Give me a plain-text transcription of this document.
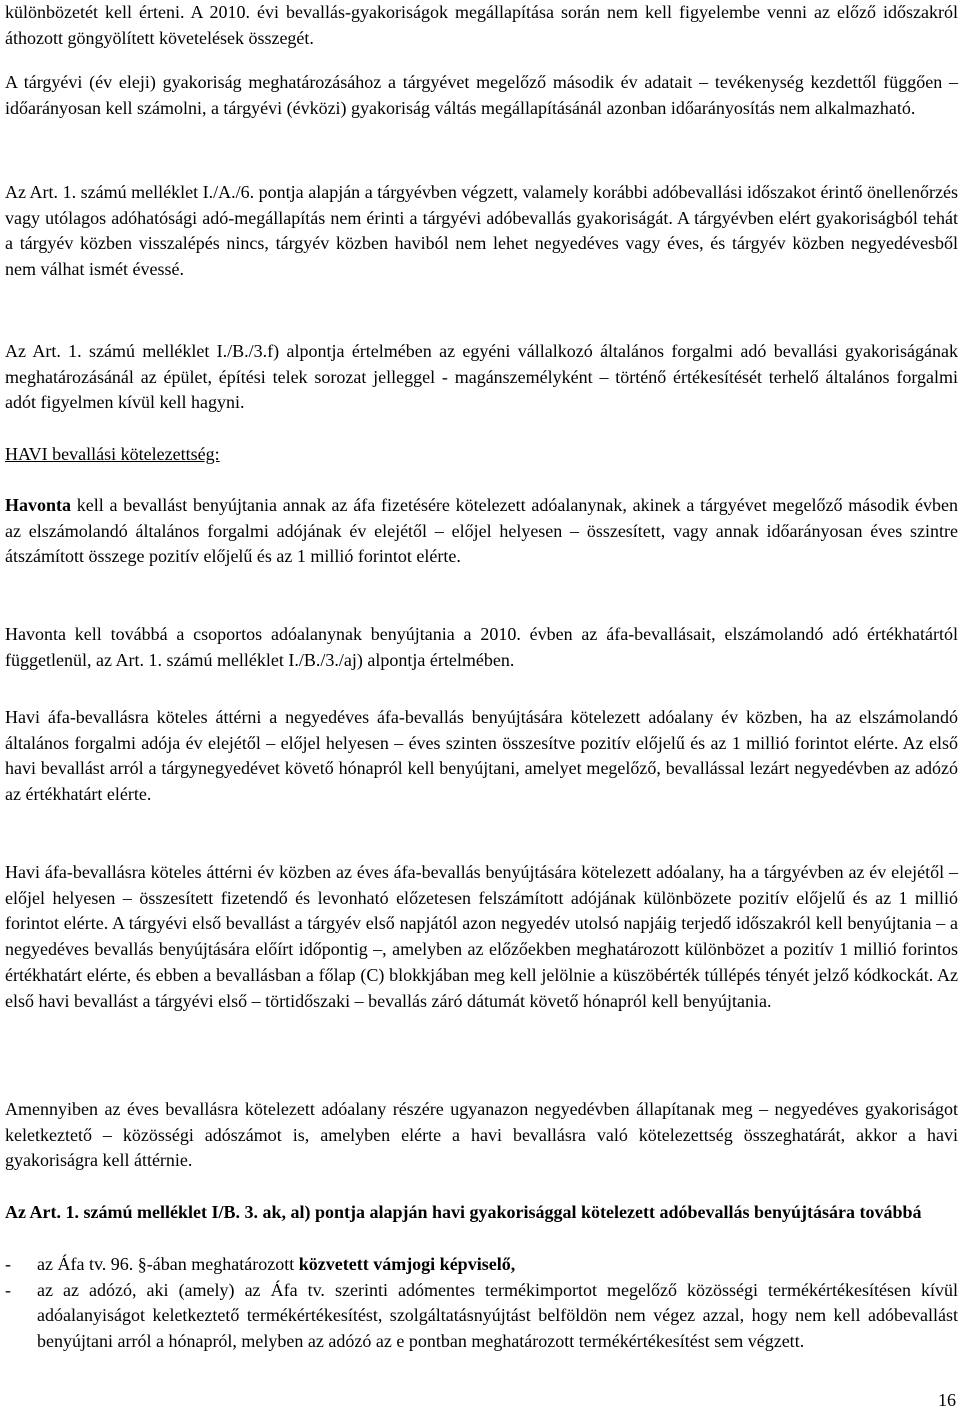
különbözetét kell érteni. A 2010. évi bevallás-gyakoriságok megállapítása során nem kell figyelembe venni az előző időszakról áthozott göngyölített követelések összegét.

A tárgyévi (év eleji) gyakoriság meghatározásához a tárgyévet megelőző második év adatait – tevékenység kezdettől függően – időarányosan kell számolni, a tárgyévi (évközi) gyakoriság váltás megállapításánál azonban időarányosítás nem alkalmazható.

Az Art. 1. számú melléklet I./A./6. pontja alapján a tárgyévben végzett, valamely korábbi adóbevallási időszakot érintő önellenőrzés vagy utólagos adóhatósági adó-megállapítás nem érinti a tárgyévi adóbevallás gyakoriságát. A tárgyévben elért gyakoriságból tehát a tárgyév közben visszalépés nincs, tárgyév közben haviból nem lehet negyedéves vagy éves, és tárgyév közben negyedévesből nem válhat ismét évessé.

Az Art. 1. számú melléklet I./B./3.f) alpontja értelmében az egyéni vállalkozó általános forgalmi adó bevallási gyakoriságának meghatározásánál az épület, építési telek sorozat jelleggel - magánszemélyként – történő értékesítését terhelő általános forgalmi adót figyelmen kívül kell hagyni.

HAVI bevallási kötelezettség:

Havonta kell a bevallást benyújtania annak az áfa fizetésére kötelezett adóalanynak, akinek a tárgyévet megelőző második évben az elszámolandó általános forgalmi adójának év elejétől – előjel helyesen – összesített, vagy annak időarányosan éves szintre átszámított összege pozitív előjelű és az 1 millió forintot elérte.

Havonta kell továbbá a csoportos adóalanynak benyújtania a 2010. évben az áfa-bevallásait, elszámolandó adó értékhatártól függetlenül, az Art. 1. számú melléklet I./B./3./aj) alpontja értelmében.

Havi áfa-bevallásra köteles áttérni a negyedéves áfa-bevallás benyújtására kötelezett adóalany év közben, ha az elszámolandó általános forgalmi adója év elejétől – előjel helyesen – éves szinten összesítve pozitív előjelű és az 1 millió forintot elérte. Az első havi bevallást arról a tárgynegyedévet követő hónapról kell benyújtani, amelyet megelőző, bevallással lezárt negyedévben az adózó az értékhatárt elérte.

Havi áfa-bevallásra köteles áttérni év közben az éves áfa-bevallás benyújtására kötelezett adóalany, ha a tárgyévben az év elejétől – előjel helyesen – összesített fizetendő és levonható előzetesen felszámított adójának különbözete pozitív előjelű és az 1 millió forintot elérte. A tárgyévi első bevallást a tárgyév első napjától azon negyedév utolsó napjáig terjedő időszakról kell benyújtania – a negyedéves bevallás benyújtására előírt időpontig –, amelyben az előzőekben meghatározott különbözet a pozitív 1 millió forintos értékhatárt elérte, és ebben a bevallásban a főlap (C) blokkjában meg kell jelölnie a küszöbérték túllépés tényét jelző kódkockát. Az első havi bevallást a tárgyévi első – törtidőszaki – bevallás záró dátumát követő hónapról kell benyújtania.

Amennyiben az éves bevallásra kötelezett adóalany részére ugyanazon negyedévben állapítanak meg – negyedéves gyakoriságot keletkeztető – közösségi adószámot is, amelyben elérte a havi bevallásra való kötelezettség összeghatárát, akkor a havi gyakoriságra kell áttérnie.

Az Art. 1. számú melléklet I/B. 3. ak, al) pontja alapján havi gyakorisággal kötelezett adóbevallás benyújtására továbbá

- az Áfa tv. 96. §-ában meghatározott közvetett vámjogi képviselő,
- az az adózó, aki (amely) az Áfa tv. szerinti adómentes termékimportot megelőző közösségi termékértékesítésen kívül adóalanyiságot keletkeztető termékértékesítést, szolgáltatásnyújtást belföldön nem végez azzal, hogy nem kell adóbevallást benyújtani arról a hónapról, melyben az adózó az e pontban meghatározott termékértékesítést sem végzett.
16
